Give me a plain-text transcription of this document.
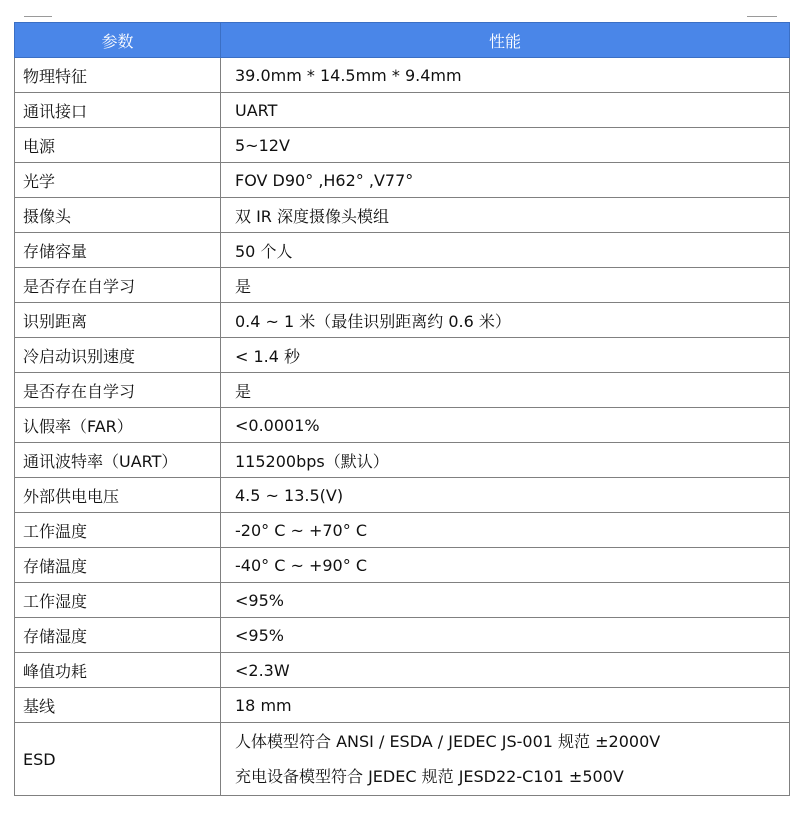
参数	性能
物理特征	39.0mm * 14.5mm * 9.4mm
通讯接口	UART
电源	5~12V
光学	FOV D90° ,H62° ,V77°
摄像头	双 IR 深度摄像头模组
存储容量	50 个人
是否存在自学习	是
识别距离	0.4 ~ 1 米（最佳识别距离约 0.6 米）
冷启动识别速度	< 1.4 秒
是否存在自学习	是
认假率（FAR）	<0.0001%
通讯波特率（UART）	115200bps（默认）
外部供电电压	4.5 ~ 13.5(V)
工作温度	-20° C ~ +70° C
存储温度	-40° C ~ +90° C
工作湿度	<95%
存储湿度	<95%
峰值功耗	<2.3W
基线	18 mm
ESD	人体模型符合 ANSI / ESDA / JEDEC JS-001 规范 ±2000V
充电设备模型符合 JEDEC 规范 JESD22-C101 ±500V
